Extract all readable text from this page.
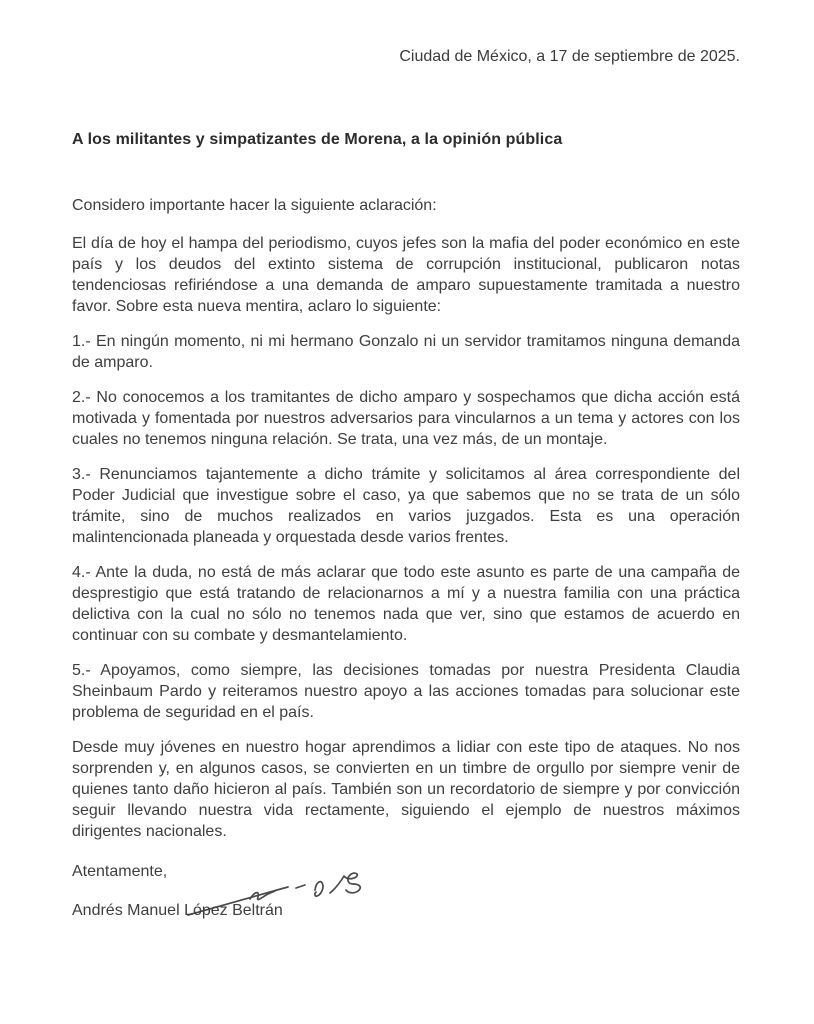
Ciudad de México, a 17 de septiembre de 2025.

A los militantes y simpatizantes de Morena, a la opinión pública

Considero importante hacer la siguiente aclaración:

El día de hoy el hampa del periodismo, cuyos jefes son la mafia del poder económico en este país y los deudos del extinto sistema de corrupción institucional, publicaron notas tendenciosas refiriéndose a una demanda de amparo supuestamente tramitada a nuestro favor. Sobre esta nueva mentira, aclaro lo siguiente:

1.- En ningún momento, ni mi hermano Gonzalo ni un servidor tramitamos ninguna demanda de amparo.

2.- No conocemos a los tramitantes de dicho amparo y sospechamos que dicha acción está motivada y fomentada por nuestros adversarios para vincularnos a un tema y actores con los cuales no tenemos ninguna relación. Se trata, una vez más, de un montaje.

3.- Renunciamos tajantemente a dicho trámite y solicitamos al área correspondiente del Poder Judicial que investigue sobre el caso, ya que sabemos que no se trata de un sólo trámite, sino de muchos realizados en varios juzgados. Esta es una operación malintencionada planeada y orquestada desde varios frentes.

4.- Ante la duda, no está de más aclarar que todo este asunto es parte de una campaña de desprestigio que está tratando de relacionarnos a mí y a nuestra familia con una práctica delictiva con la cual no sólo no tenemos nada que ver, sino que estamos de acuerdo en continuar con su combate y desmantelamiento.

5.- Apoyamos, como siempre, las decisiones tomadas por nuestra Presidenta Claudia Sheinbaum Pardo y reiteramos nuestro apoyo a las acciones tomadas para solucionar este problema de seguridad en el país.

Desde muy jóvenes en nuestro hogar aprendimos a lidiar con este tipo de ataques. No nos sorprenden y, en algunos casos, se convierten en un timbre de orgullo por siempre venir de quienes tanto daño hicieron al país. También son un recordatorio de siempre y por convicción seguir llevando nuestra vida rectamente, siguiendo el ejemplo de nuestros máximos dirigentes nacionales.

Atentamente,

Andrés Manuel López Beltrán
